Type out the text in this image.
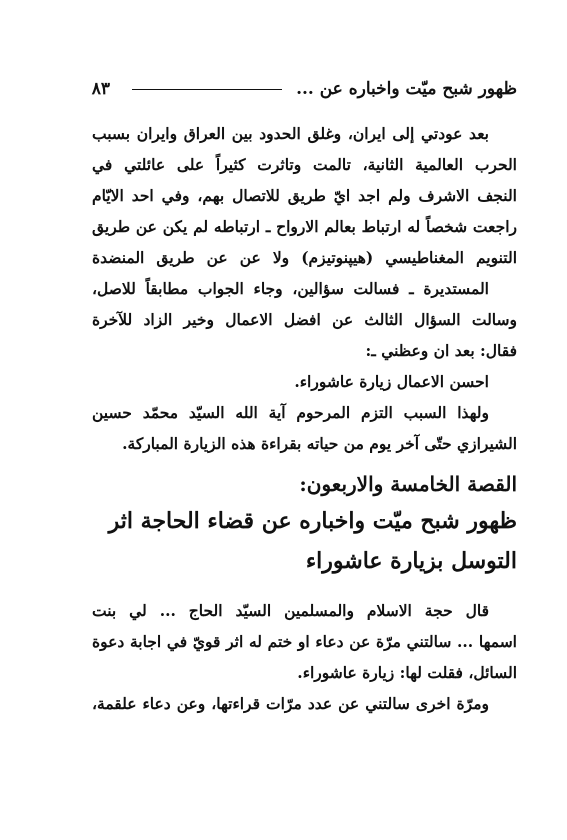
ظهور شبح ميّت واخباره عن ...
٨٣
بعد عودتي إلى ايران، وغلق الحدود بين العراق وايران بسبب
الحرب العالمية الثانية، تالمت وتاثرت كثيراً على عائلتي في
النجف الاشرف ولم اجد ايّ طريق للاتصال بهم، وفي احد الايّام
راجعت شخصاً له ارتباط بعالم الارواح ـ ارتباطه لم يكن عن طريق
التنويم المغناطيسي (هيپنوتيزم) ولا عن عن طريق المنضدة
المستديرة ـ فسالت سؤالين، وجاء الجواب مطابقاً للاصل،
وسالت السؤال الثالث عن افضل الاعمال وخير الزاد للآخرة
فقال: بعد ان وعظني ـ:
احسن الاعمال زيارة عاشوراء.
ولهذا السبب التزم المرحوم آية الله السيّد محمّد حسين
الشيرازي حتّى آخر يوم من حياته بقراءة هذه الزيارة المباركة.
القصة الخامسة والاربعون:
ظهور شبح ميّت واخباره عن قضاء الحاجة اثر
التوسل بزيارة عاشوراء
قال حجة الاسلام والمسلمين السيّد الحاج ... لي بنت
اسمها ... سالتني مرّة عن دعاء او ختم له اثر قويّ في اجابة دعوة
السائل، فقلت لها: زيارة عاشوراء.
ومرّة اخرى سالتني عن عدد مرّات قراءتها، وعن دعاء علقمة،
